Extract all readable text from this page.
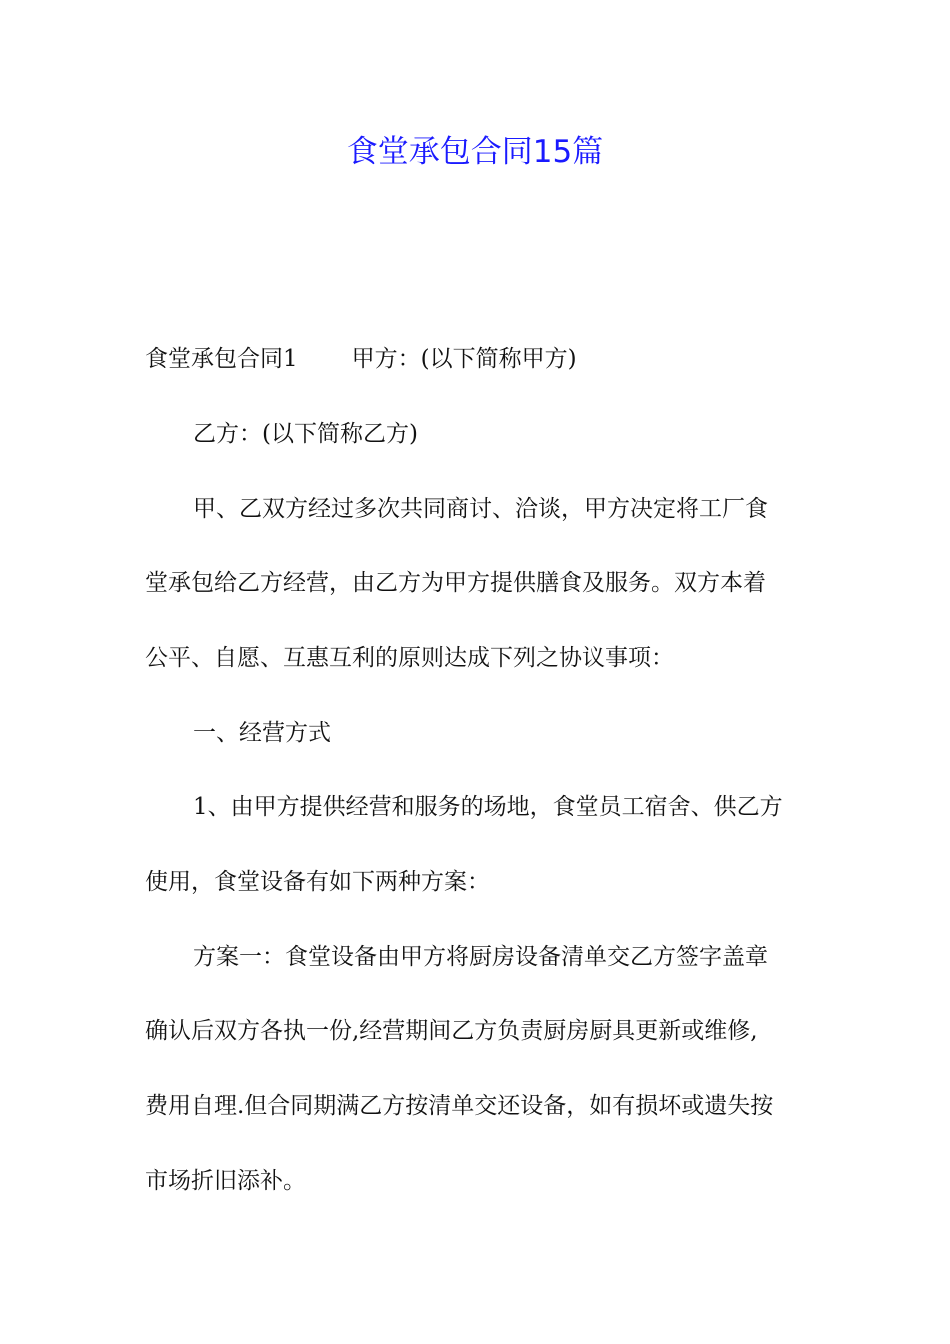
食堂承包合同15篇

食堂承包合同1 甲方：(以下简称甲方)

乙方：(以下简称乙方)

甲、乙双方经过多次共同商讨、洽谈，甲方决定将工厂食

堂承包给乙方经营，由乙方为甲方提供膳食及服务。双方本着

公平、自愿、互惠互利的原则达成下列之协议事项：

一、经营方式

1、由甲方提供经营和服务的场地，食堂员工宿舍、供乙方

使用，食堂设备有如下两种方案：

方案一：食堂设备由甲方将厨房设备清单交乙方签字盖章

确认后双方各执一份,经营期间乙方负责厨房厨具更新或维修,

费用自理.但合同期满乙方按清单交还设备，如有损坏或遗失按

市场折旧添补。
